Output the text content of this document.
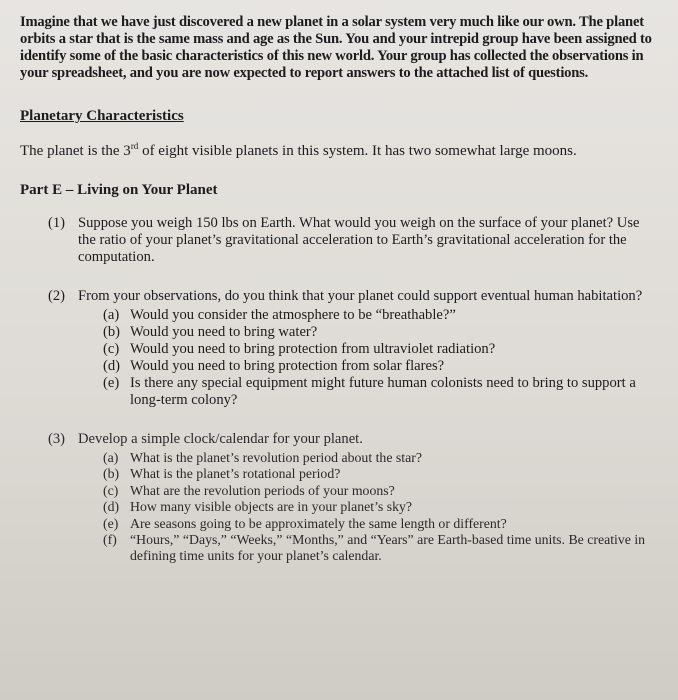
Imagine that we have just discovered a new planet in a solar system very much like our own. The planet orbits a star that is the same mass and age as the Sun. You and your intrepid group have been assigned to identify some of the basic characteristics of this new world. Your group has collected the observations in your spreadsheet, and you are now expected to report answers to the attached list of questions.

Planetary Characteristics

The planet is the 3rd of eight visible planets in this system. It has two somewhat large moons.

Part E – Living on Your Planet
(1) Suppose you weigh 150 lbs on Earth. What would you weigh on the surface of your planet? Use the ratio of your planet’s gravitational acceleration to Earth’s gravitational acceleration for the computation.
(2) From your observations, do you think that your planet could support eventual human habitation?
(a) Would you consider the atmosphere to be “breathable?”
(b) Would you need to bring water?
(c) Would you need to bring protection from ultraviolet radiation?
(d) Would you need to bring protection from solar flares?
(e) Is there any special equipment might future human colonists need to bring to support a long-term colony?
(3) Develop a simple clock/calendar for your planet.
(a) What is the planet’s revolution period about the star?
(b) What is the planet’s rotational period?
(c) What are the revolution periods of your moons?
(d) How many visible objects are in your planet’s sky?
(e) Are seasons going to be approximately the same length or different?
(f) “Hours,” “Days,” “Weeks,” “Months,” and “Years” are Earth-based time units. Be creative in defining time units for your planet’s calendar.
